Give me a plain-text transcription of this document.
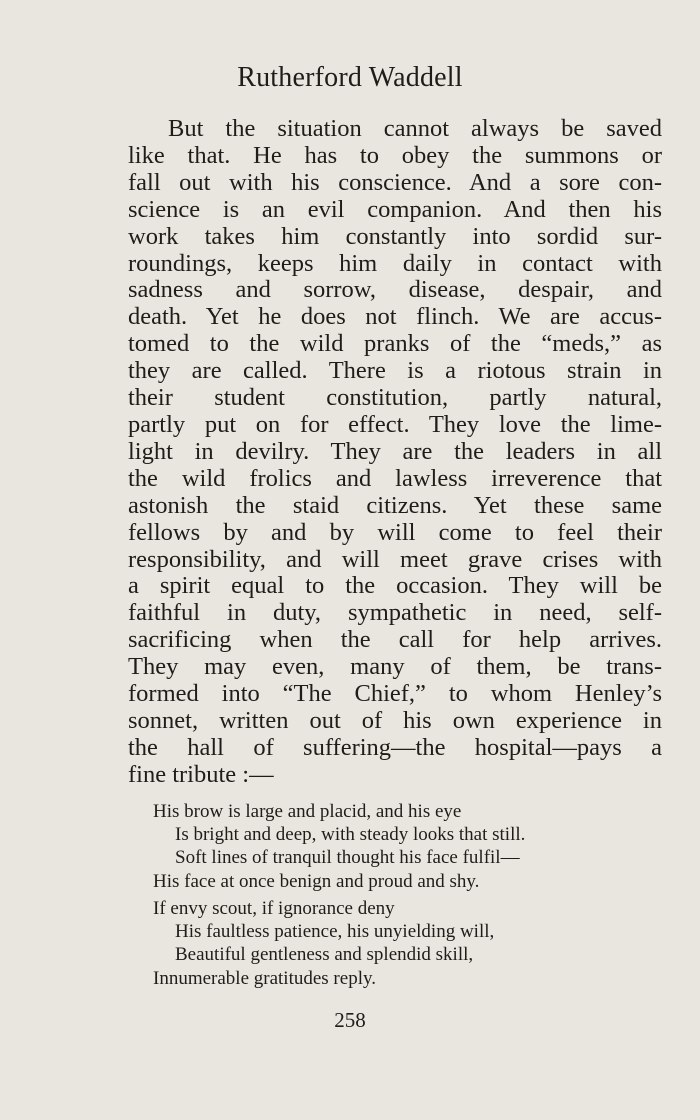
Rutherford Waddell
But the situation cannot always be saved
like that. He has to obey the summons or
fall out with his conscience. And a sore con-
science is an evil companion. And then his
work takes him constantly into sordid sur-
roundings, keeps him daily in contact with
sadness and sorrow, disease, despair, and
death. Yet he does not flinch. We are accus-
tomed to the wild pranks of the “meds,” as
they are called. There is a riotous strain in
their student constitution, partly natural,
partly put on for effect. They love the lime-
light in devilry. They are the leaders in all
the wild frolics and lawless irreverence that
astonish the staid citizens. Yet these same
fellows by and by will come to feel their
responsibility, and will meet grave crises with
a spirit equal to the occasion. They will be
faithful in duty, sympathetic in need, self-
sacrificing when the call for help arrives.
They may even, many of them, be trans-
formed into “The Chief,” to whom Henley’s
sonnet, written out of his own experience in
the hall of suffering—the hospital—pays a
fine tribute :—
His brow is large and placid, and his eye
Is bright and deep, with steady looks that still.
Soft lines of tranquil thought his face fulfil—
His face at once benign and proud and shy.
If envy scout, if ignorance deny
His faultless patience, his unyielding will,
Beautiful gentleness and splendid skill,
Innumerable gratitudes reply.
258
